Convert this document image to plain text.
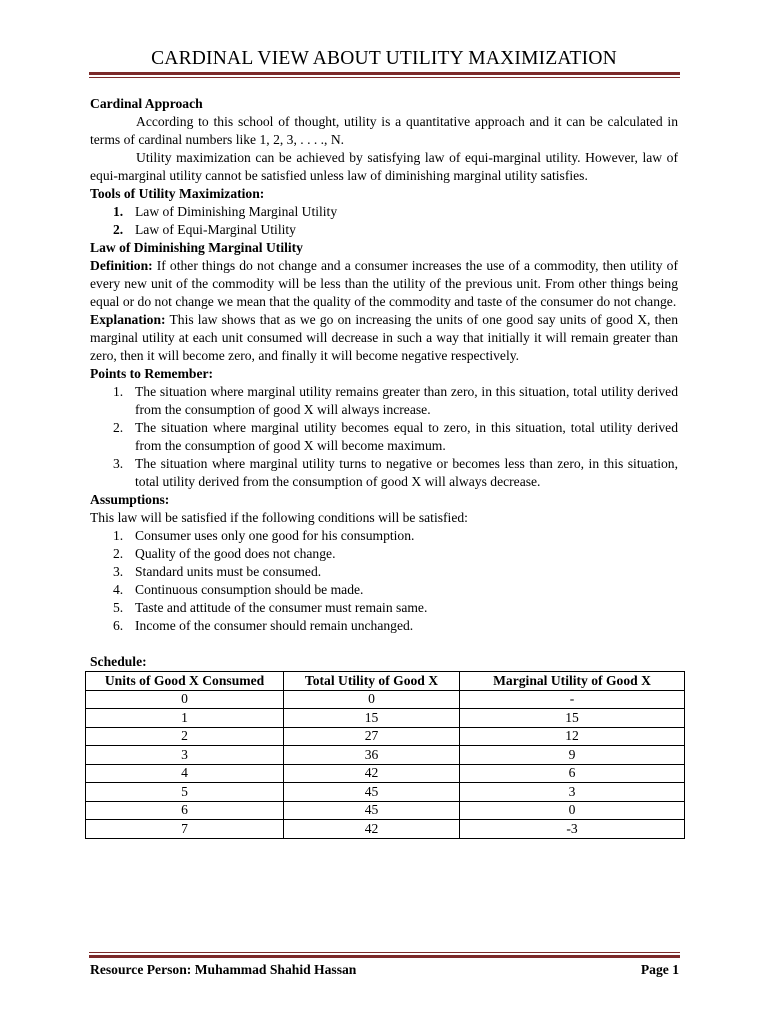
CARDINAL VIEW ABOUT UTILITY MAXIMIZATION

Cardinal Approach

According to this school of thought, utility is a quantitative approach and it can be calculated in terms of cardinal numbers like 1, 2, 3, . . . ., N.

Utility maximization can be achieved by satisfying law of equi-marginal utility. However, law of equi-marginal utility cannot be satisfied unless law of diminishing marginal utility satisfies.

Tools of Utility Maximization:

1. Law of Diminishing Marginal Utility
2. Law of Equi-Marginal Utility

Law of Diminishing Marginal Utility

Definition: If other things do not change and a consumer increases the use of a commodity, then utility of every new unit of the commodity will be less than the utility of the previous unit. From other things being equal or do not change we mean that the quality of the commodity and taste of the consumer do not change.

Explanation: This law shows that as we go on increasing the units of one good say units of good X, then marginal utility at each unit consumed will decrease in such a way that initially it will remain greater than zero, then it will become zero, and finally it will become negative respectively.

Points to Remember:

1. The situation where marginal utility remains greater than zero, in this situation, total utility derived from the consumption of good X will always increase.
2. The situation where marginal utility becomes equal to zero, in this situation, total utility derived from the consumption of good X will become maximum.
3. The situation where marginal utility turns to negative or becomes less than zero, in this situation, total utility derived from the consumption of good X will always decrease.

Assumptions:

This law will be satisfied if the following conditions will be satisfied:

1. Consumer uses only one good for his consumption.
2. Quality of the good does not change.
3. Standard units must be consumed.
4. Continuous consumption should be made.
5. Taste and attitude of the consumer must remain same.
6. Income of the consumer should remain unchanged.

Schedule:

Units of Good X Consumed	Total Utility of Good X	Marginal Utility of Good X
0	0	-
1	15	15
2	27	12
3	36	9
4	42	6
5	45	3
6	45	0
7	42	-3
Resource Person: Muhammad Shahid Hassan	Page 1
